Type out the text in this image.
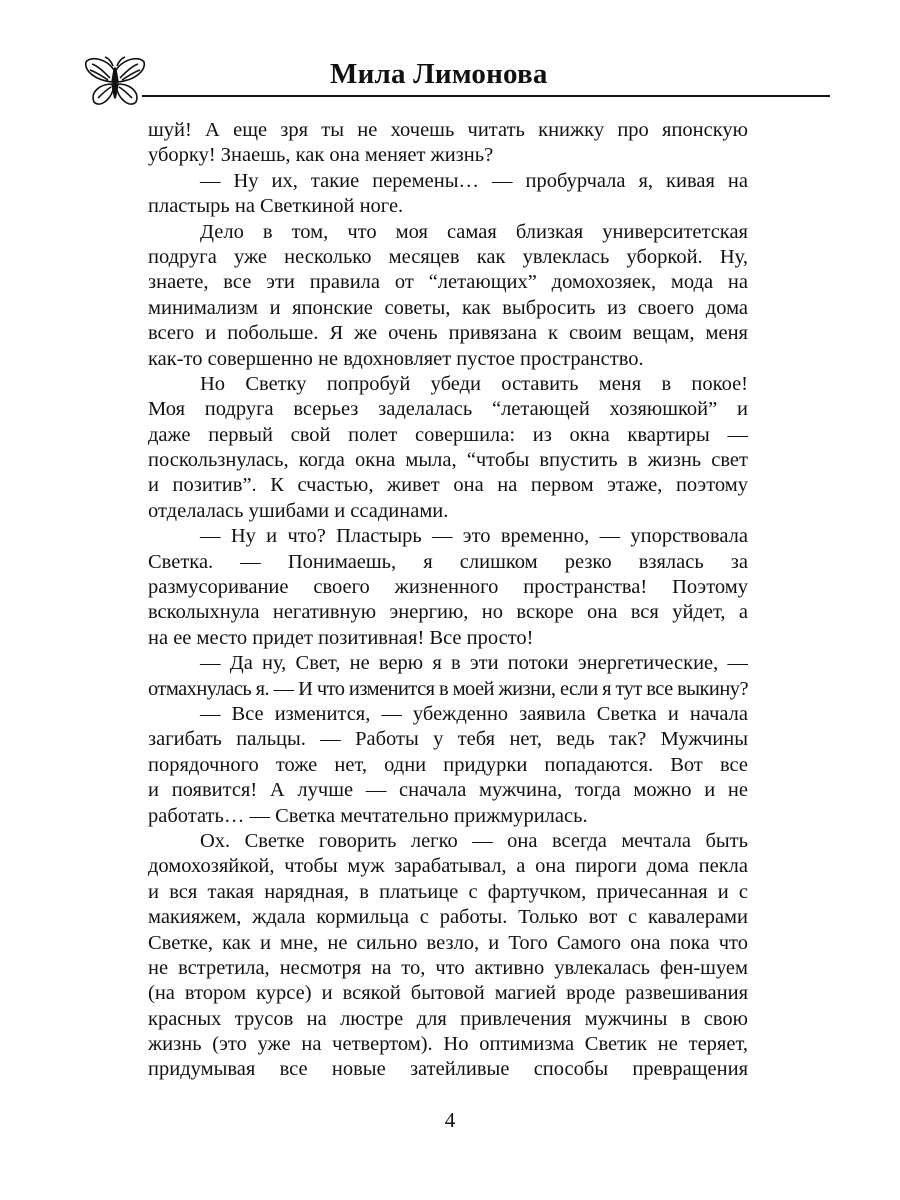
Мила Лимонова
шуй! А еще зря ты не хочешь читать книжку про японскую
уборку! Знаешь, как она меняет жизнь?
— Ну их, такие перемены… — пробурчала я, кивая на
пластырь на Светкиной ноге.
Дело в том, что моя самая близкая университетская
подруга уже несколько месяцев как увлеклась уборкой. Ну,
знаете, все эти правила от “летающих” домохозяек, мода на
минимализм и японские советы, как выбросить из своего дома
всего и побольше. Я же очень привязана к своим вещам, меня
как-то совершенно не вдохновляет пустое пространство.
Но Светку попробуй убеди оставить меня в покое!
Моя подруга всерьез заделалась “летающей хозяюшкой” и
даже первый свой полет совершила: из окна квартиры —
поскользнулась, когда окна мыла, “чтобы впустить в жизнь свет
и позитив”. К счастью, живет она на первом этаже, поэтому
отделалась ушибами и ссадинами.
— Ну и что? Пластырь — это временно, — упорствовала
Светка. — Понимаешь, я слишком резко взялась за
размусоривание своего жизненного пространства! Поэтому
всколыхнула негативную энергию, но вскоре она вся уйдет, а
на ее место придет позитивная! Все просто!
— Да ну, Свет, не верю я в эти потоки энергетические, —
отмахнулась я. — И что изменится в моей жизни, если я тут все выкину?
— Все изменится, — убежденно заявила Светка и начала
загибать пальцы. — Работы у тебя нет, ведь так? Мужчины
порядочного тоже нет, одни придурки попадаются. Вот все
и появится! А лучше — сначала мужчина, тогда можно и не
работать… — Светка мечтательно прижмурилась.
Ох. Светке говорить легко — она всегда мечтала быть
домохозяйкой, чтобы муж зарабатывал, а она пироги дома пекла
и вся такая нарядная, в платьице с фартучком, причесанная и с
макияжем, ждала кормильца с работы. Только вот с кавалерами
Светке, как и мне, не сильно везло, и Того Самого она пока что
не встретила, несмотря на то, что активно увлекалась фен-шуем
(на втором курсе) и всякой бытовой магией вроде развешивания
красных трусов на люстре для привлечения мужчины в свою
жизнь (это уже на четвертом). Но оптимизма Светик не теряет,
придумывая все новые затейливые способы превращения
4
